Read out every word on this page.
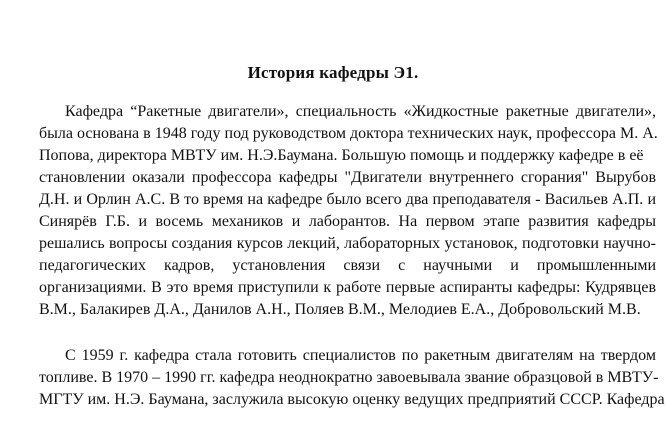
История кафедры Э1.
Кафедра “Ракетные двигатели», специальность «Жидкостные ракетные двигатели»,
была основана в 1948 году под руководством доктора технических наук, профессора М. А.
Попова, директора МВТУ им. Н.Э.Баумана. Большую помощь и поддержку кафедре в её
становлении оказали профессора кафедры "Двигатели внутреннего сгорания" Вырубов
Д.Н. и Орлин А.С. В то время на кафедре было всего два преподавателя - Васильев А.П. и
Синярёв Г.Б. и восемь механиков и лаборантов. На первом этапе развития кафедры
решались вопросы создания курсов лекций, лабораторных установок, подготовки научно-
педагогических кадров, установления связи с научными и промышленными
организациями. В это время приступили к работе первые аспиранты кафедры: Кудрявцев
В.М., Балакирев Д.А., Данилов А.Н., Поляев В.М., Мелодиев Е.А., Добровольский М.В.
С 1959 г. кафедра стала готовить специалистов по ракетным двигателям на твердом
топливе. В 1970 – 1990 гг. кафедра неоднократно завоевывала звание образцовой в МВТУ-
МГТУ им. Н.Э. Баумана, заслужила высокую оценку ведущих предприятий СССР. Кафедра
